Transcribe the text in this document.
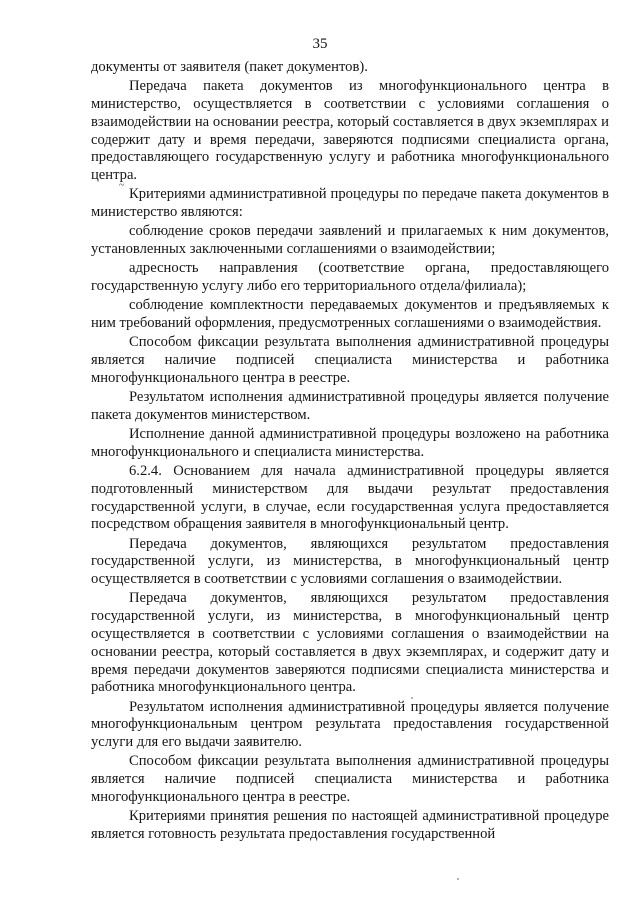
35

документы от заявителя (пакет документов).

Передача пакета документов из многофункционального центра в министерство, осуществляется в соответствии с условиями соглашения о взаимодействии на основании реестра, который составляется в двух экземплярах и содержит дату и время передачи, заверяются подписями специалиста органа, предоставляющего государственную услугу и работника многофункционального центра.

Критериями административной процедуры по передаче пакета документов в министерство являются:

соблюдение сроков передачи заявлений и прилагаемых к ним документов, установленных заключенными соглашениями о взаимодействии;

адресность направления (соответствие органа, предоставляющего государственную услугу либо его территориального отдела/филиала);

соблюдение комплектности передаваемых документов и предъявляемых к ним требований оформления, предусмотренных соглашениями о взаимодействия.

Способом фиксации результата выполнения административной процедуры является наличие подписей специалиста министерства и работника многофункционального центра в реестре.

Результатом исполнения административной процедуры является получение пакета документов министерством.

Исполнение данной административной процедуры возложено на работника многофункционального и специалиста министерства.

6.2.4. Основанием для начала административной процедуры является подготовленный министерством для выдачи результат предоставления государственной услуги, в случае, если государственная услуга предоставляется посредством обращения заявителя в многофункциональный центр.

Передача документов, являющихся результатом предоставления государственной услуги, из министерства, в многофункциональный центр осуществляется в соответствии с условиями соглашения о взаимодействии.

Передача документов, являющихся результатом предоставления государственной услуги, из министерства, в многофункциональный центр осуществляется в соответствии с условиями соглашения о взаимодействии на основании реестра, который составляется в двух экземплярах, и содержит дату и время передачи документов заверяются подписями специалиста министерства и работника многофункционального центра.

Результатом исполнения административной процедуры является получение многофункциональным центром результата предоставления государственной услуги для его выдачи заявителю.

Способом фиксации результата выполнения административной процедуры является наличие подписей специалиста министерства и работника многофункционального центра в реестре.

Критериями принятия решения по настоящей административной процедуре является готовность результата предоставления государственной

~
